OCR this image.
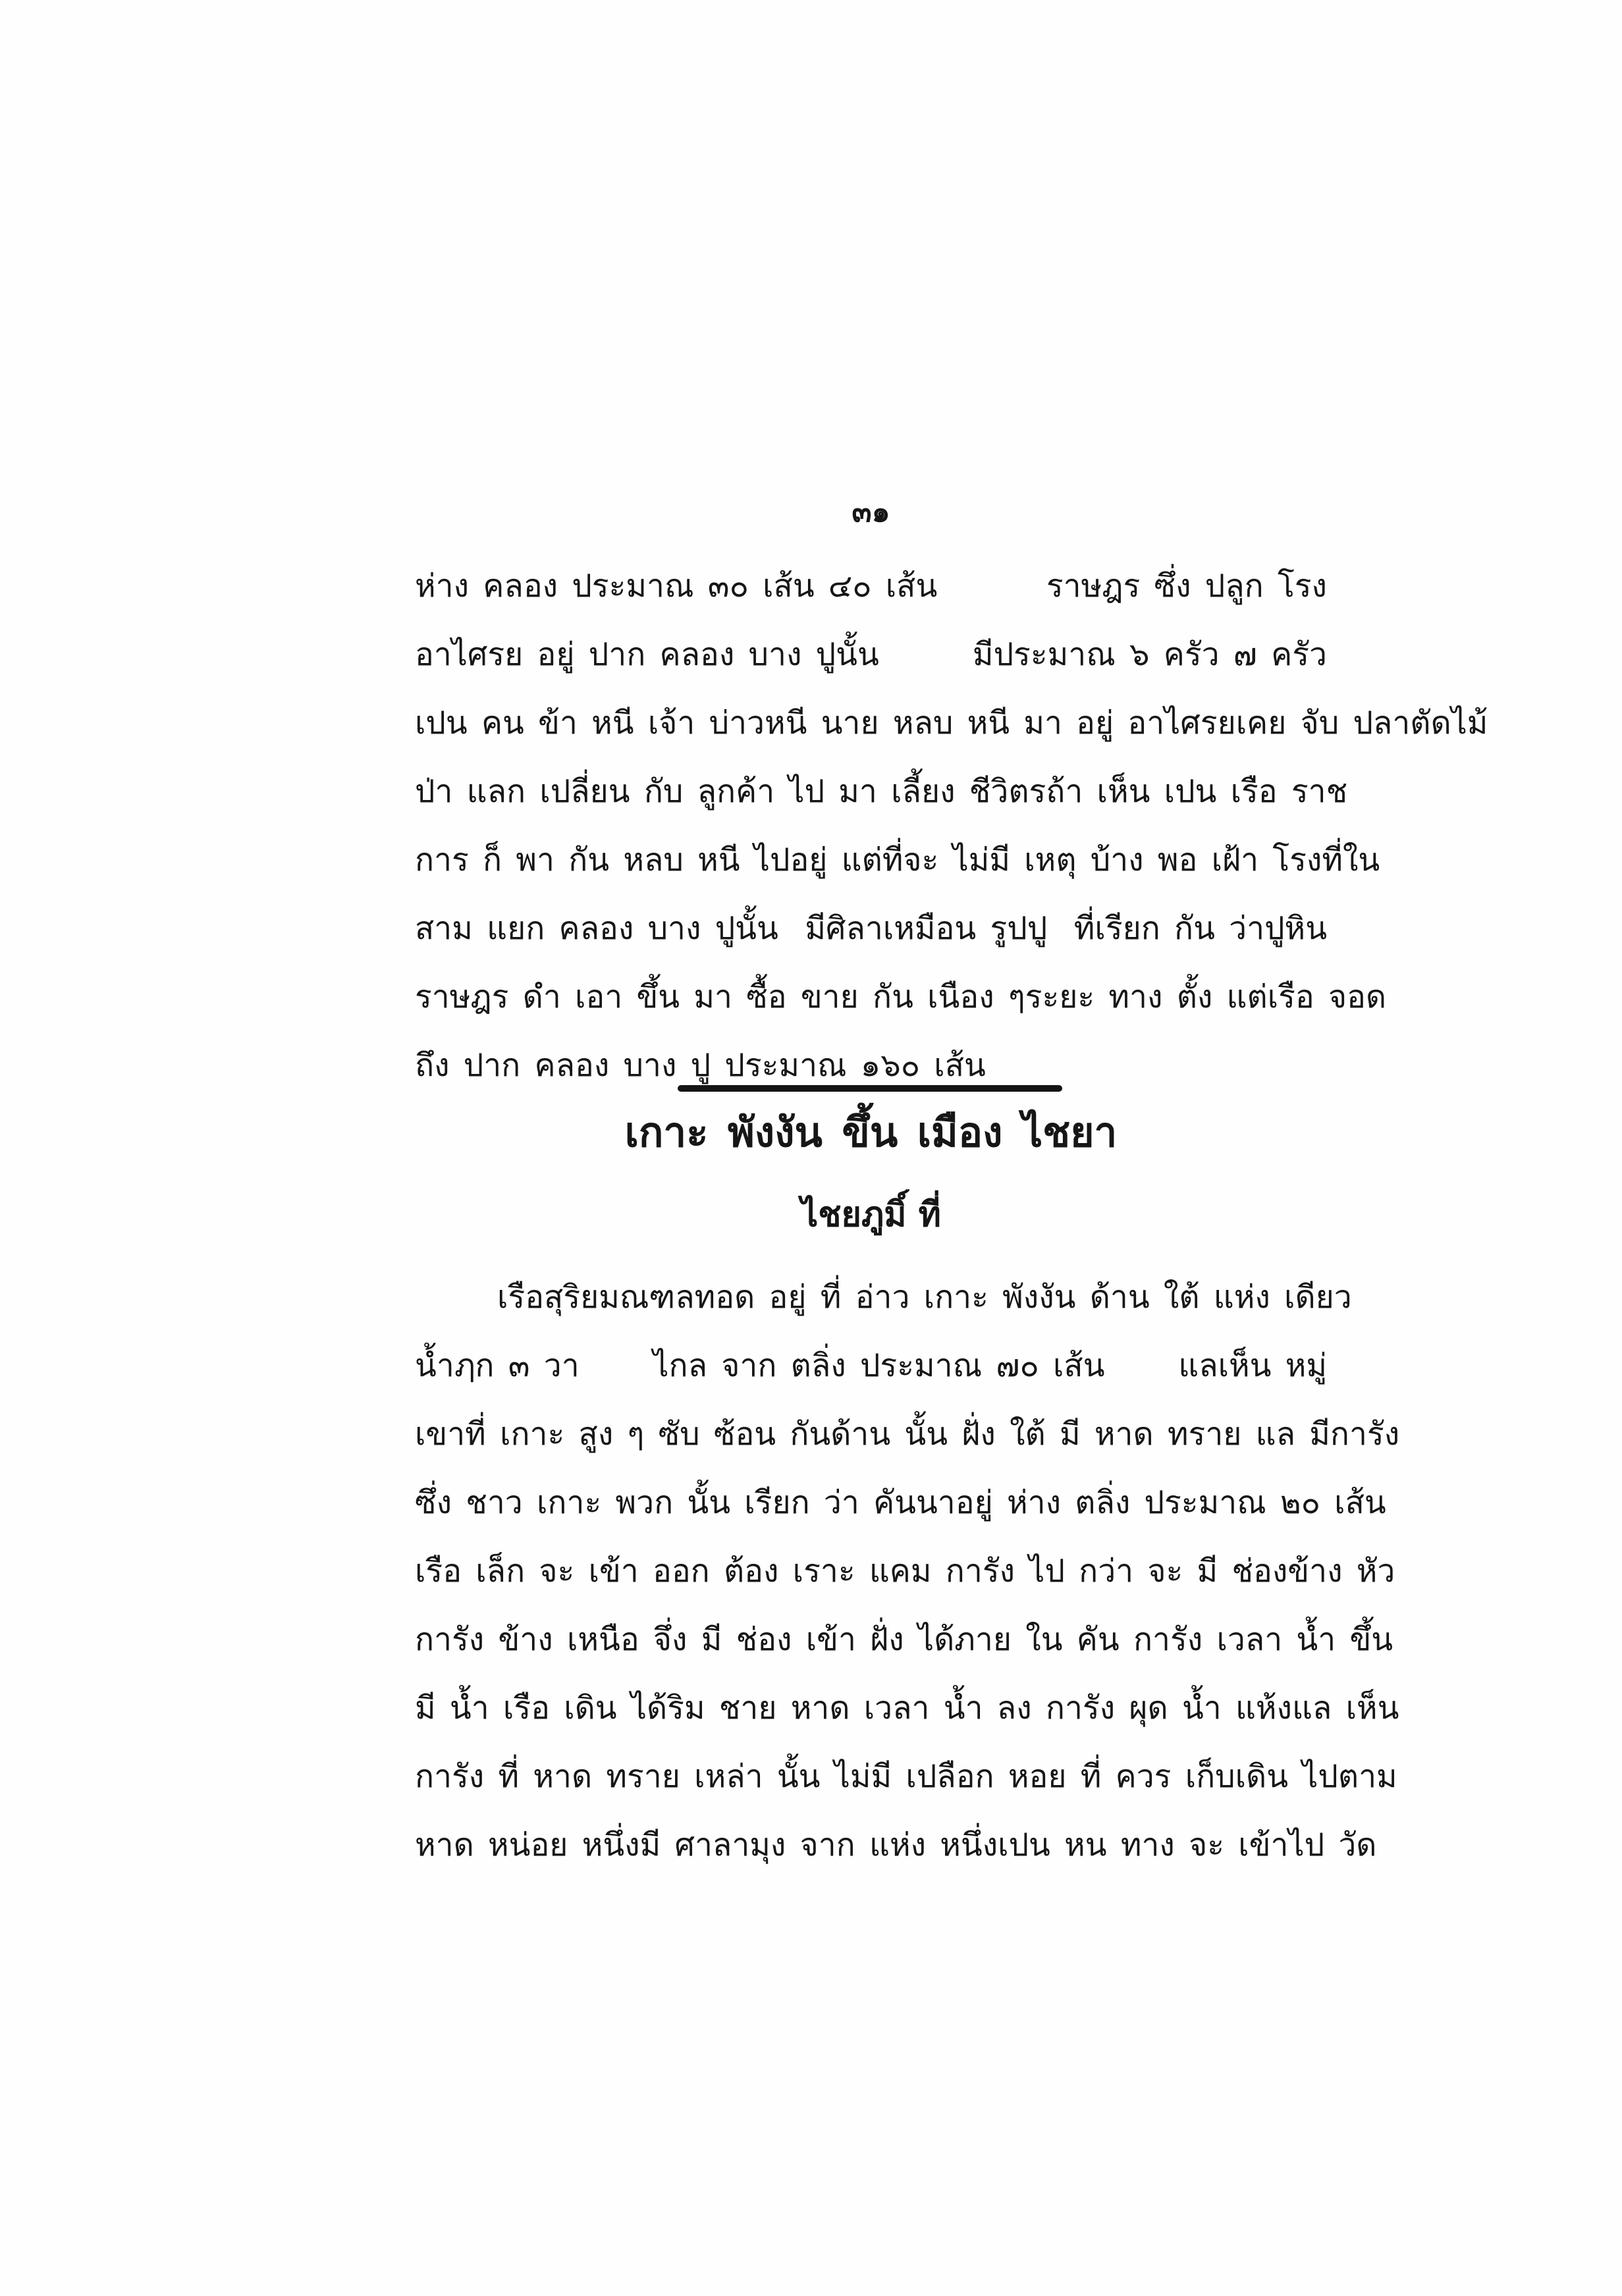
๓๑
ห่าง คลอง ประมาณ ๓๐ เส้น ๔๐ เส้น	ราษฎร ซึ่ง ปลูก โรง
อาไศรย อยู่ ปาก คลอง บาง ปูนั้น	มีประมาณ ๖ ครัว ๗ ครัว
เปน คน ข้า หนี เจ้า บ่าวหนี นาย หลบ หนี มา อยู่ อาไศรย เคย จับ ปลาตัดไม้
ป่า แลก เปลี่ยน กับ ลูกค้า ไป มา เลี้ยง ชีวิตร ถ้า เห็น เปน เรือ ราช
การ ก็ พา กัน หลบ หนี ไป อยู่ แต่ที่จะ ไม่มี เหตุ บ้าง พอ เฝ้า โรง ที่ใน
สาม แยก คลอง บาง ปูนั้น มีศิลาเหมือน รูปปู ที่เรียก กัน ว่าปูหิน
ราษฎร ดำ เอา ขึ้น มา ซื้อ ขาย กัน เนือง ๆ ระยะ ทาง ตั้ง แต่เรือ จอด
ถึง ปาก คลอง บาง ปู ประมาณ ๑๖๐ เส้น
เกาะ พังงัน ขึ้น เมือง ไชยา
ไชยภูมิ์ ที่
เรือสุริยมณฑล ทอด อยู่ ที่ อ่าว เกาะ พังงัน ด้าน ใต้ แห่ง เดียว
น้ำฦก ๓ วา ไกล จาก ตลิ่ง ประมาณ ๗๐ เส้น แลเห็น หมู่
เขาที่ เกาะ สูง ๆ ซับ ซ้อน กัน ด้าน นั้น ฝั่ง ใต้ มี หาด ทราย แล มีการัง
ซึ่ง ชาว เกาะ พวก นั้น เรียก ว่า คันนา อยู่ ห่าง ตลิ่ง ประมาณ ๒๐ เส้น
เรือ เล็ก จะ เข้า ออก ต้อง เราะ แคม การัง ไป กว่า จะ มี ช่อง ข้าง หัว
การัง ข้าง เหนือ จึ่ง มี ช่อง เข้า ฝั่ง ได้ ภาย ใน คัน การัง เวลา น้ำ ขึ้น
มี น้ำ เรือ เดิน ได้ ริม ชาย หาด เวลา น้ำ ลง การัง ผุด น้ำ แห้ง แล เห็น
การัง ที่ หาด ทราย เหล่า นั้น ไม่มี เปลือก หอย ที่ ควร เก็บ เดิน ไปตาม
หาด หน่อย หนึ่ง มี ศาลามุง จาก แห่ง หนึ่ง เปน หน ทาง จะ เข้าไป วัด
